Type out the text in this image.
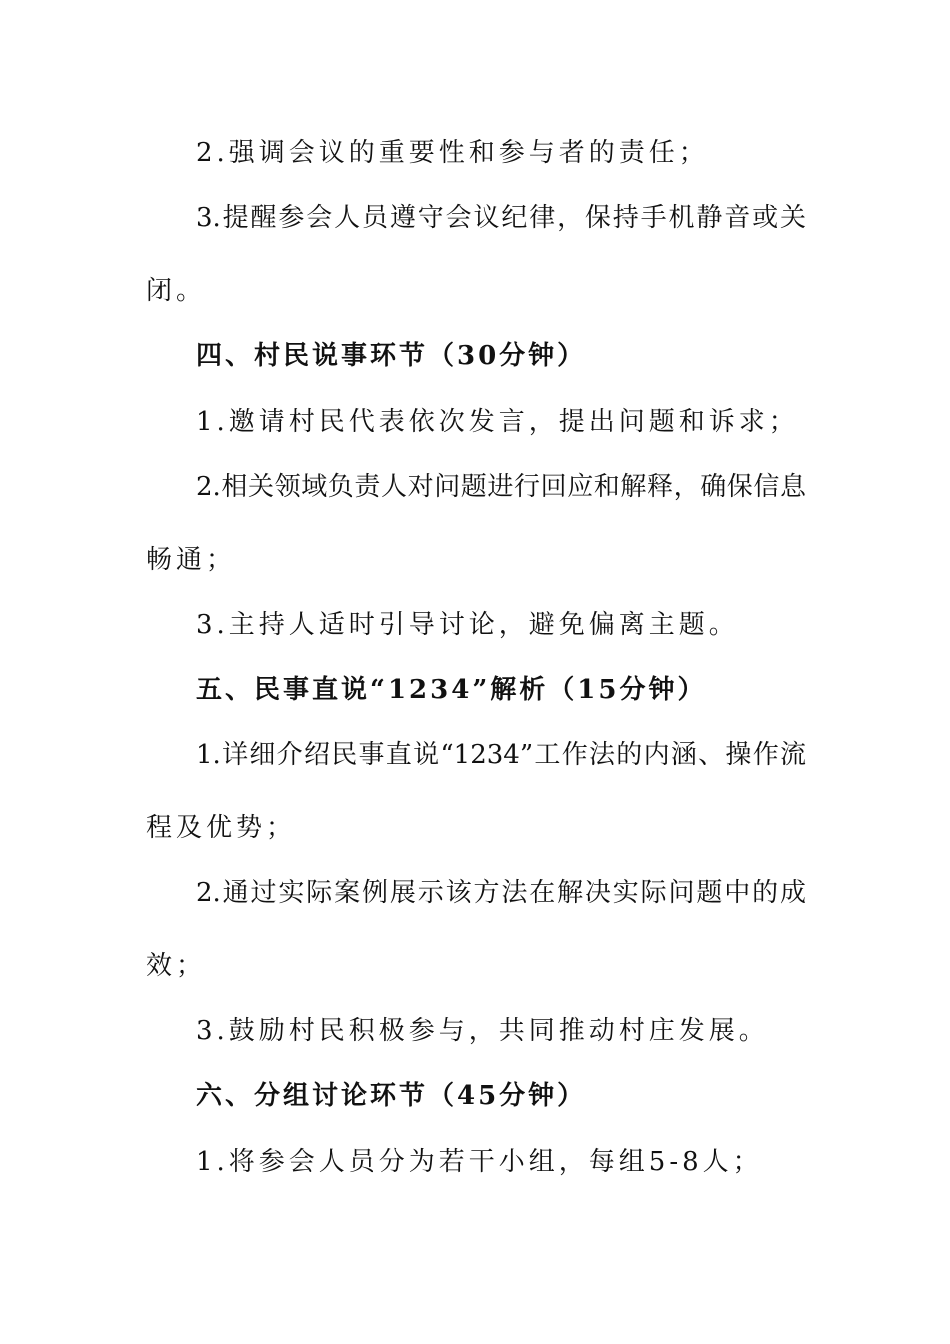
2.强调会议的重要性和参与者的责任；
3.提醒参会人员遵守会议纪律，保持手机静音或关
闭。
四、村民说事环节（30分钟）
1.邀请村民代表依次发言，提出问题和诉求；
2.相关领域负责人对问题进行回应和解释，确保信息
畅通；
3.主持人适时引导讨论，避免偏离主题。
五、民事直说“1234”解析（15分钟）
1.详细介绍民事直说“1234”工作法的内涵、操作流
程及优势；
2.通过实际案例展示该方法在解决实际问题中的成
效；
3.鼓励村民积极参与，共同推动村庄发展。
六、分组讨论环节（45分钟）
1.将参会人员分为若干小组，每组5-8人；
